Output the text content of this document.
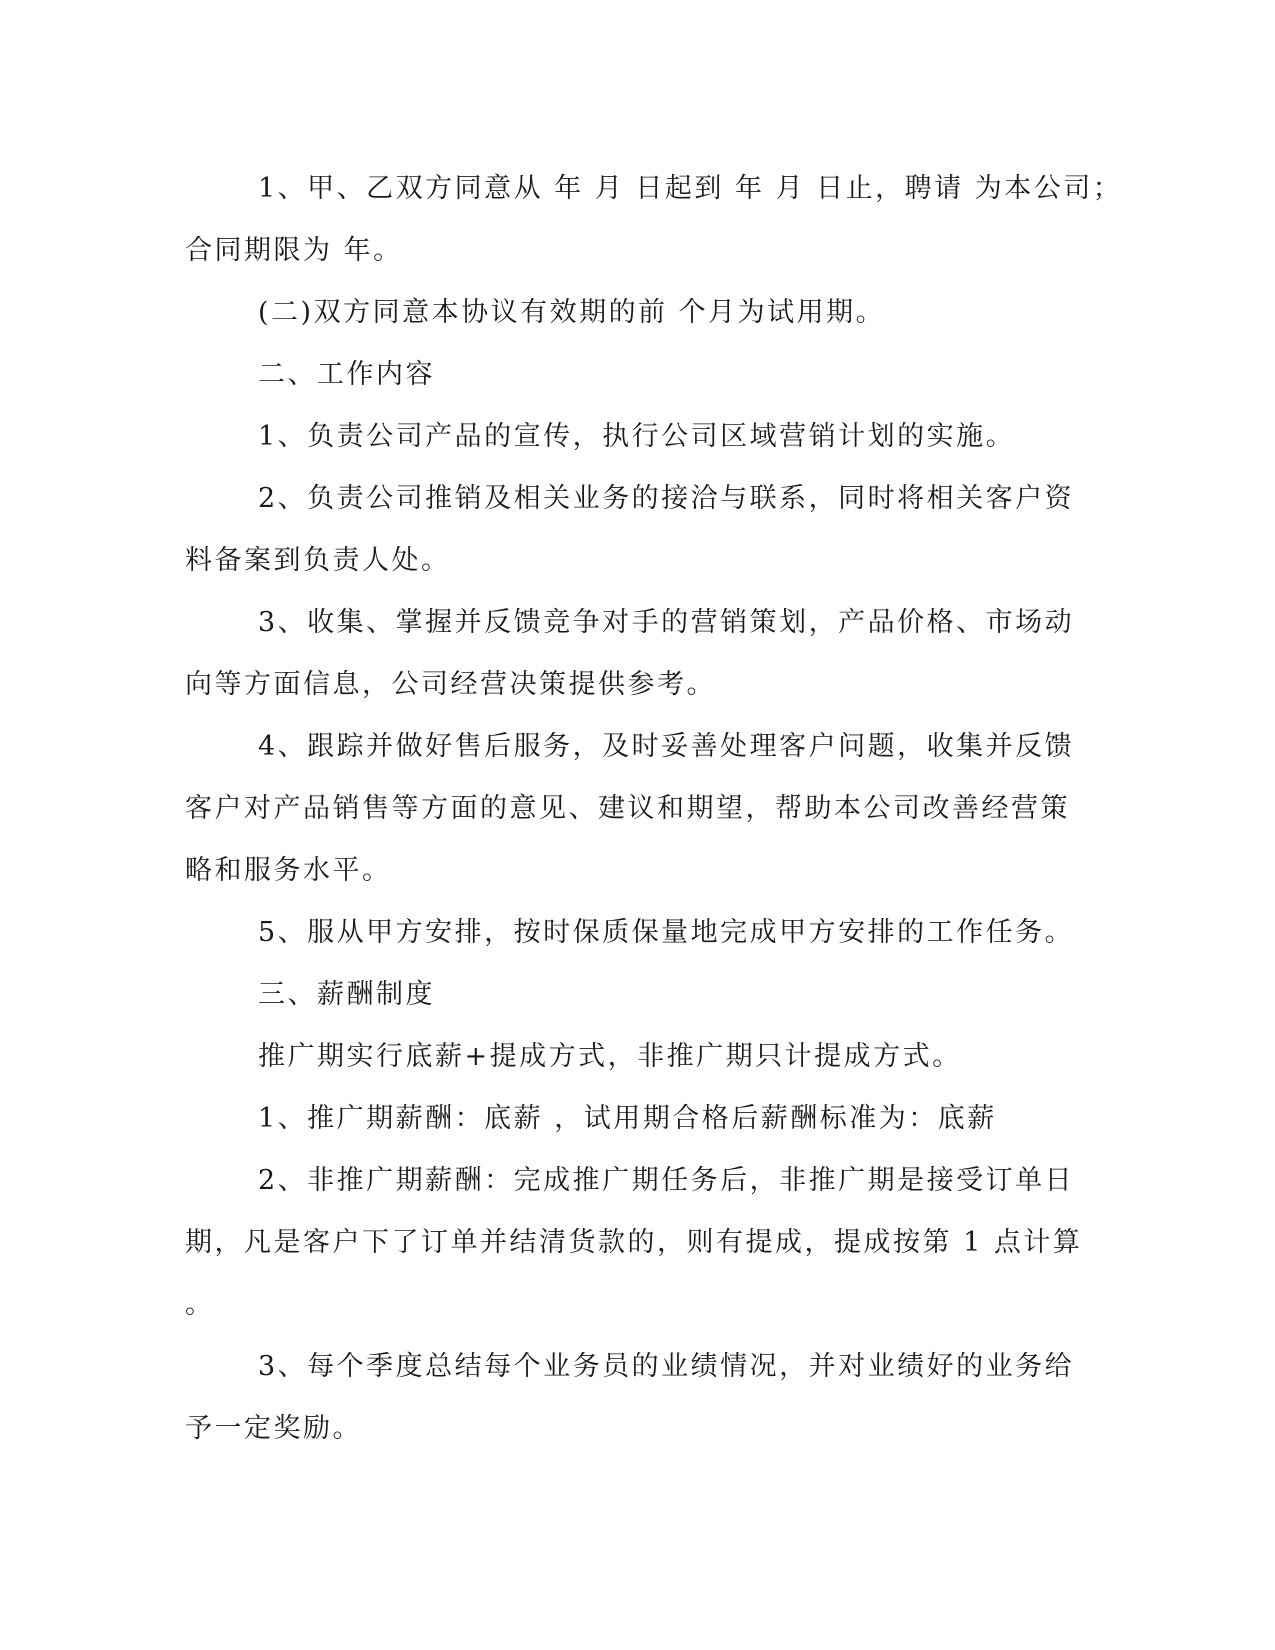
1、甲、乙双方同意从 年 月 日起到 年 月 日止，聘请 为本公司；
合同期限为 年。
(二)双方同意本协议有效期的前 个月为试用期。
二、工作内容
1、负责公司产品的宣传，执行公司区域营销计划的实施。
2、负责公司推销及相关业务的接洽与联系，同时将相关客户资
料备案到负责人处。
3、收集、掌握并反馈竞争对手的营销策划，产品价格、市场动
向等方面信息，公司经营决策提供参考。
4、跟踪并做好售后服务，及时妥善处理客户问题，收集并反馈
客户对产品销售等方面的意见、建议和期望，帮助本公司改善经营策
略和服务水平。
5、服从甲方安排，按时保质保量地完成甲方安排的工作任务。
三、薪酬制度
推广期实行底薪+提成方式，非推广期只计提成方式。
1、推广期薪酬：底薪 ，试用期合格后薪酬标准为：底薪
2、非推广期薪酬：完成推广期任务后，非推广期是接受订单日
期，凡是客户下了订单并结清货款的，则有提成，提成按第 1 点计算
。
3、每个季度总结每个业务员的业绩情况，并对业绩好的业务给
予一定奖励。
